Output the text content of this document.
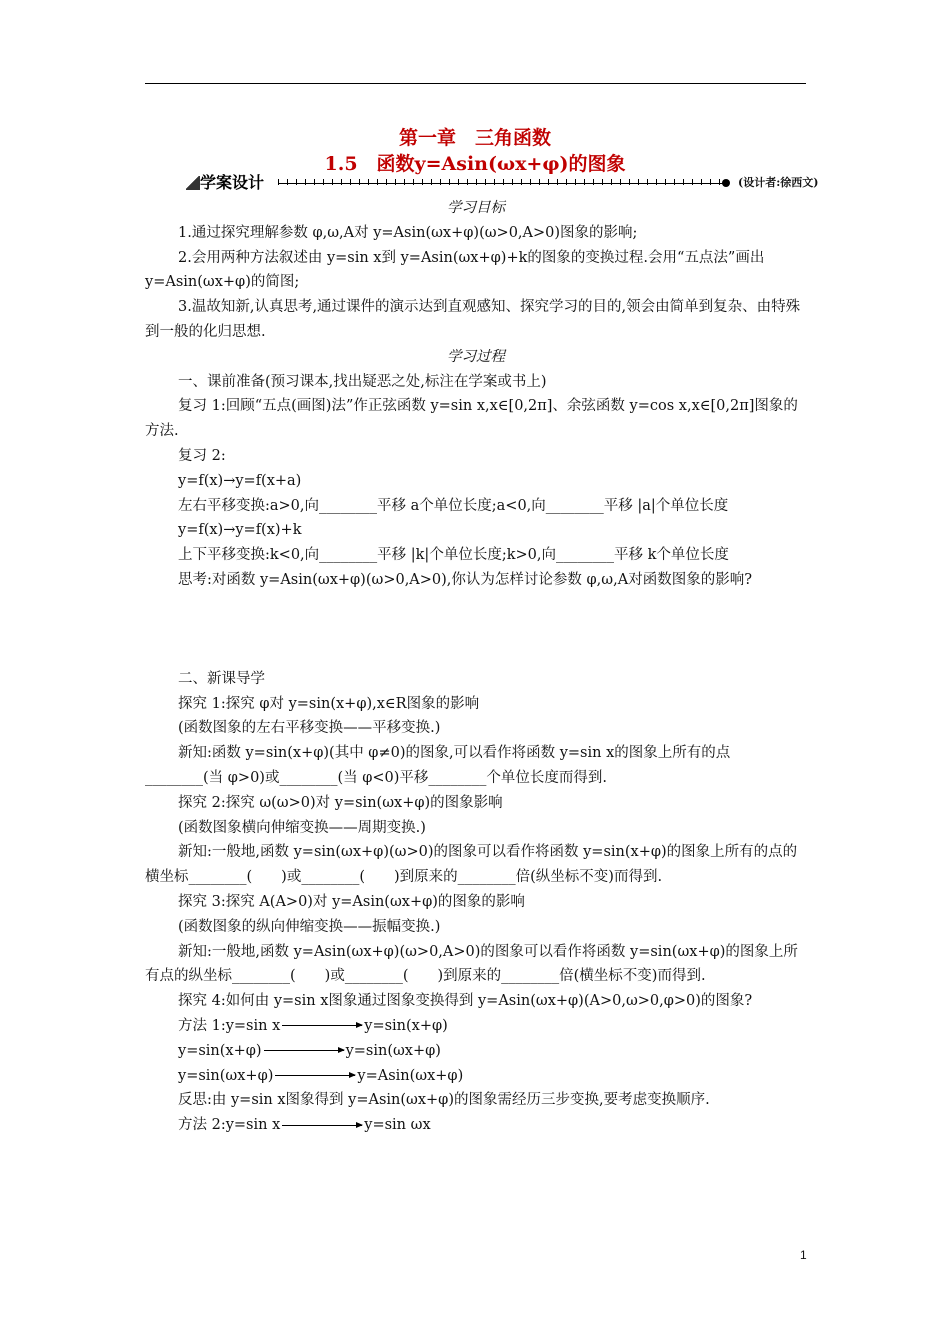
第一章　三角函数
1.5　函数y=Asin(ωx+φ)的图象
学案设计	(设计者:徐西文)

学习目标

1.通过探究理解参数 φ,ω,A对 y=Asin(ωx+φ)(ω>0,A>0)图象的影响;

2.会用两种方法叙述由 y=sin x到 y=Asin(ωx+φ)+k的图象的变换过程.会用“五点法”画出 y=Asin(ωx+φ)的简图;

3.温故知新,认真思考,通过课件的演示达到直观感知、探究学习的目的,领会由简单到复杂、由特殊到一般的化归思想.

学习过程

一、课前准备(预习课本,找出疑恶之处,标注在学案或书上)

复习 1:回顾“五点(画图)法”作正弦函数 y=sin x,x∈[0,2π]、余弦函数 y=cos x,x∈[0,2π]图象的方法.

复习 2:

y=f(x)→y=f(x+a)

左右平移变换:a>0,向________平移 a个单位长度;a<0,向________平移 |a|个单位长度

y=f(x)→y=f(x)+k

上下平移变换:k<0,向________平移 |k|个单位长度;k>0,向________平移 k个单位长度

思考:对函数 y=Asin(ωx+φ)(ω>0,A>0),你认为怎样讨论参数 φ,ω,A对函数图象的影响?

二、新课导学

探究 1:探究 φ对 y=sin(x+φ),x∈R图象的影响

(函数图象的左右平移变换——平移变换.)

新知:函数 y=sin(x+φ)(其中 φ≠0)的图象,可以看作将函数 y=sin x的图象上所有的点________(当 φ>0)或________(当 φ<0)平移________个单位长度而得到.

探究 2:探究 ω(ω>0)对 y=sin(ωx+φ)的图象影响

(函数图象横向伸缩变换——周期变换.)

新知:一般地,函数 y=sin(ωx+φ)(ω>0)的图象可以看作将函数 y=sin(x+φ)的图象上所有的点的横坐标________(　　)或________(　　)到原来的________倍(纵坐标不变)而得到.

探究 3:探究 A(A>0)对 y=Asin(ωx+φ)的图象的影响

(函数图象的纵向伸缩变换——振幅变换.)

新知:一般地,函数 y=Asin(ωx+φ)(ω>0,A>0)的图象可以看作将函数 y=sin(ωx+φ)的图象上所有点的纵坐标________(　　)或________(　　)到原来的________倍(横坐标不变)而得到.

探究 4:如何由 y=sin x图象通过图象变换得到 y=Asin(ωx+φ)(A>0,ω>0,φ>0)的图象?

方法 1:y=sin x	y=sin(x+φ)

y=sin(x+φ)	y=sin(ωx+φ)

y=sin(ωx+φ)	y=Asin(ωx+φ)

反思:由 y=sin x图象得到 y=Asin(ωx+φ)的图象需经历三步变换,要考虑变换顺序.

方法 2:y=sin x	y=sin ωx

1
